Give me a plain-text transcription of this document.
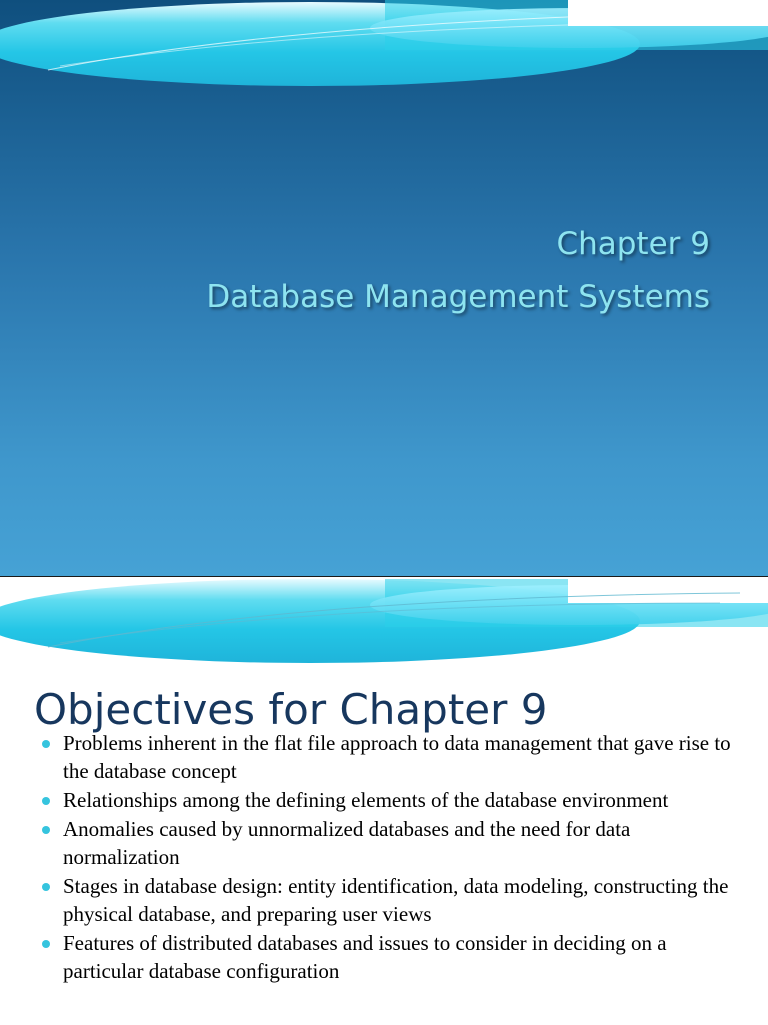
Chapter 9
Database Management Systems
Objectives for Chapter 9
Problems inherent in the flat file approach to data management that gave rise to the database concept
Relationships among the defining elements of the database environment
Anomalies caused by unnormalized databases and the need for data normalization
Stages in database design: entity identification, data modeling, constructing the physical database, and preparing user views
Features of distributed databases and issues to consider in deciding on a particular database configuration
